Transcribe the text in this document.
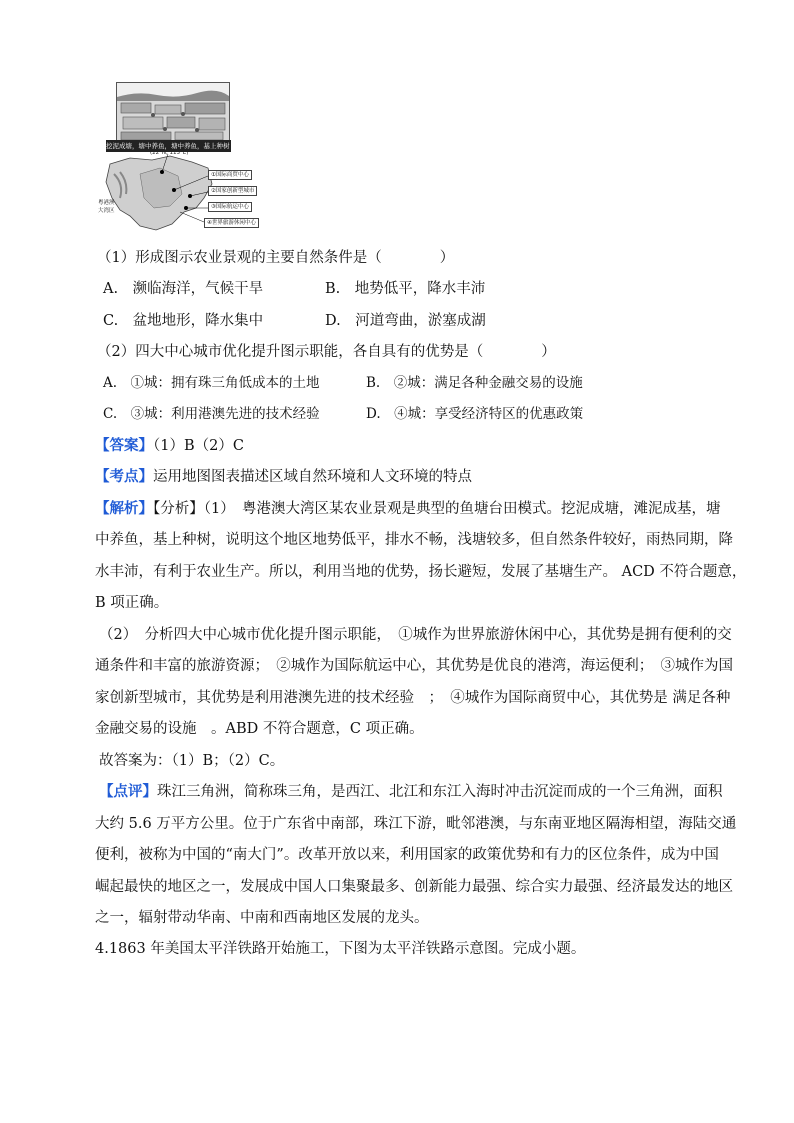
挖泥成塘，塘中养鱼，塘中养鱼，基上种树
(22°N, 113°E)
①国际商贸中心
②国家创新型城市
③国际航运中心
④世界旅游休闲中心
粤港澳
大湾区
（1）形成图示农业景观的主要自然条件是（　　　　）
A.　濒临海洋，气候干旱	B.　地势低平，降水丰沛
C.　盆地地形，降水集中	D.　河道弯曲，淤塞成湖
（2）四大中心城市优化提升图示职能，各自具有的优势是（　　　　）
A.　①城：拥有珠三角低成本的土地	B.　②城：满足各种金融交易的设施
C.　③城：利用港澳先进的技术经验	D.　④城：享受经济特区的优惠政策
【答案】（1）B（2）C
【考点】运用地图图表描述区域自然环境和人文环境的特点
【解析】【分析】（1）　粤港澳大湾区某农业景观是典型的鱼塘台田模式。挖泥成塘，滩泥成基，塘
中养鱼，基上种树，说明这个地区地势低平，排水不畅，浅塘较多，但自然条件较好，雨热同期，降
水丰沛，有利于农业生产。所以，利用当地的优势，扬长避短，发展了基塘生产。 ACD 不符合题意，
B 项正确。
（2）　分析四大中心城市优化提升图示职能，　①城作为世界旅游休闲中心，其优势是拥有便利的交
通条件和丰富的旅游资源；　②城作为国际航运中心，其优势是优良的港湾，海运便利；　③城作为国
家创新型城市，其优势是利用港澳先进的技术经验　；　④城作为国际商贸中心，其优势是 满足各种
金融交易的设施　。ABD 不符合题意，C 项正确。
故答案为：（1）B；（2）C。
【点评】珠江三角洲，简称珠三角，是西江、北江和东江入海时冲击沉淀而成的一个三角洲，面积
大约 5.6 万平方公里。位于广东省中南部，珠江下游，毗邻港澳，与东南亚地区隔海相望，海陆交通
便利，被称为中国的“南大门”。改革开放以来，利用国家的政策优势和有力的区位条件，成为中国
崛起最快的地区之一，发展成中国人口集聚最多、创新能力最强、综合实力最强、经济最发达的地区
之一，辐射带动华南、中南和西南地区发展的龙头。
4.1863 年美国太平洋铁路开始施工，下图为太平洋铁路示意图。完成小题。
